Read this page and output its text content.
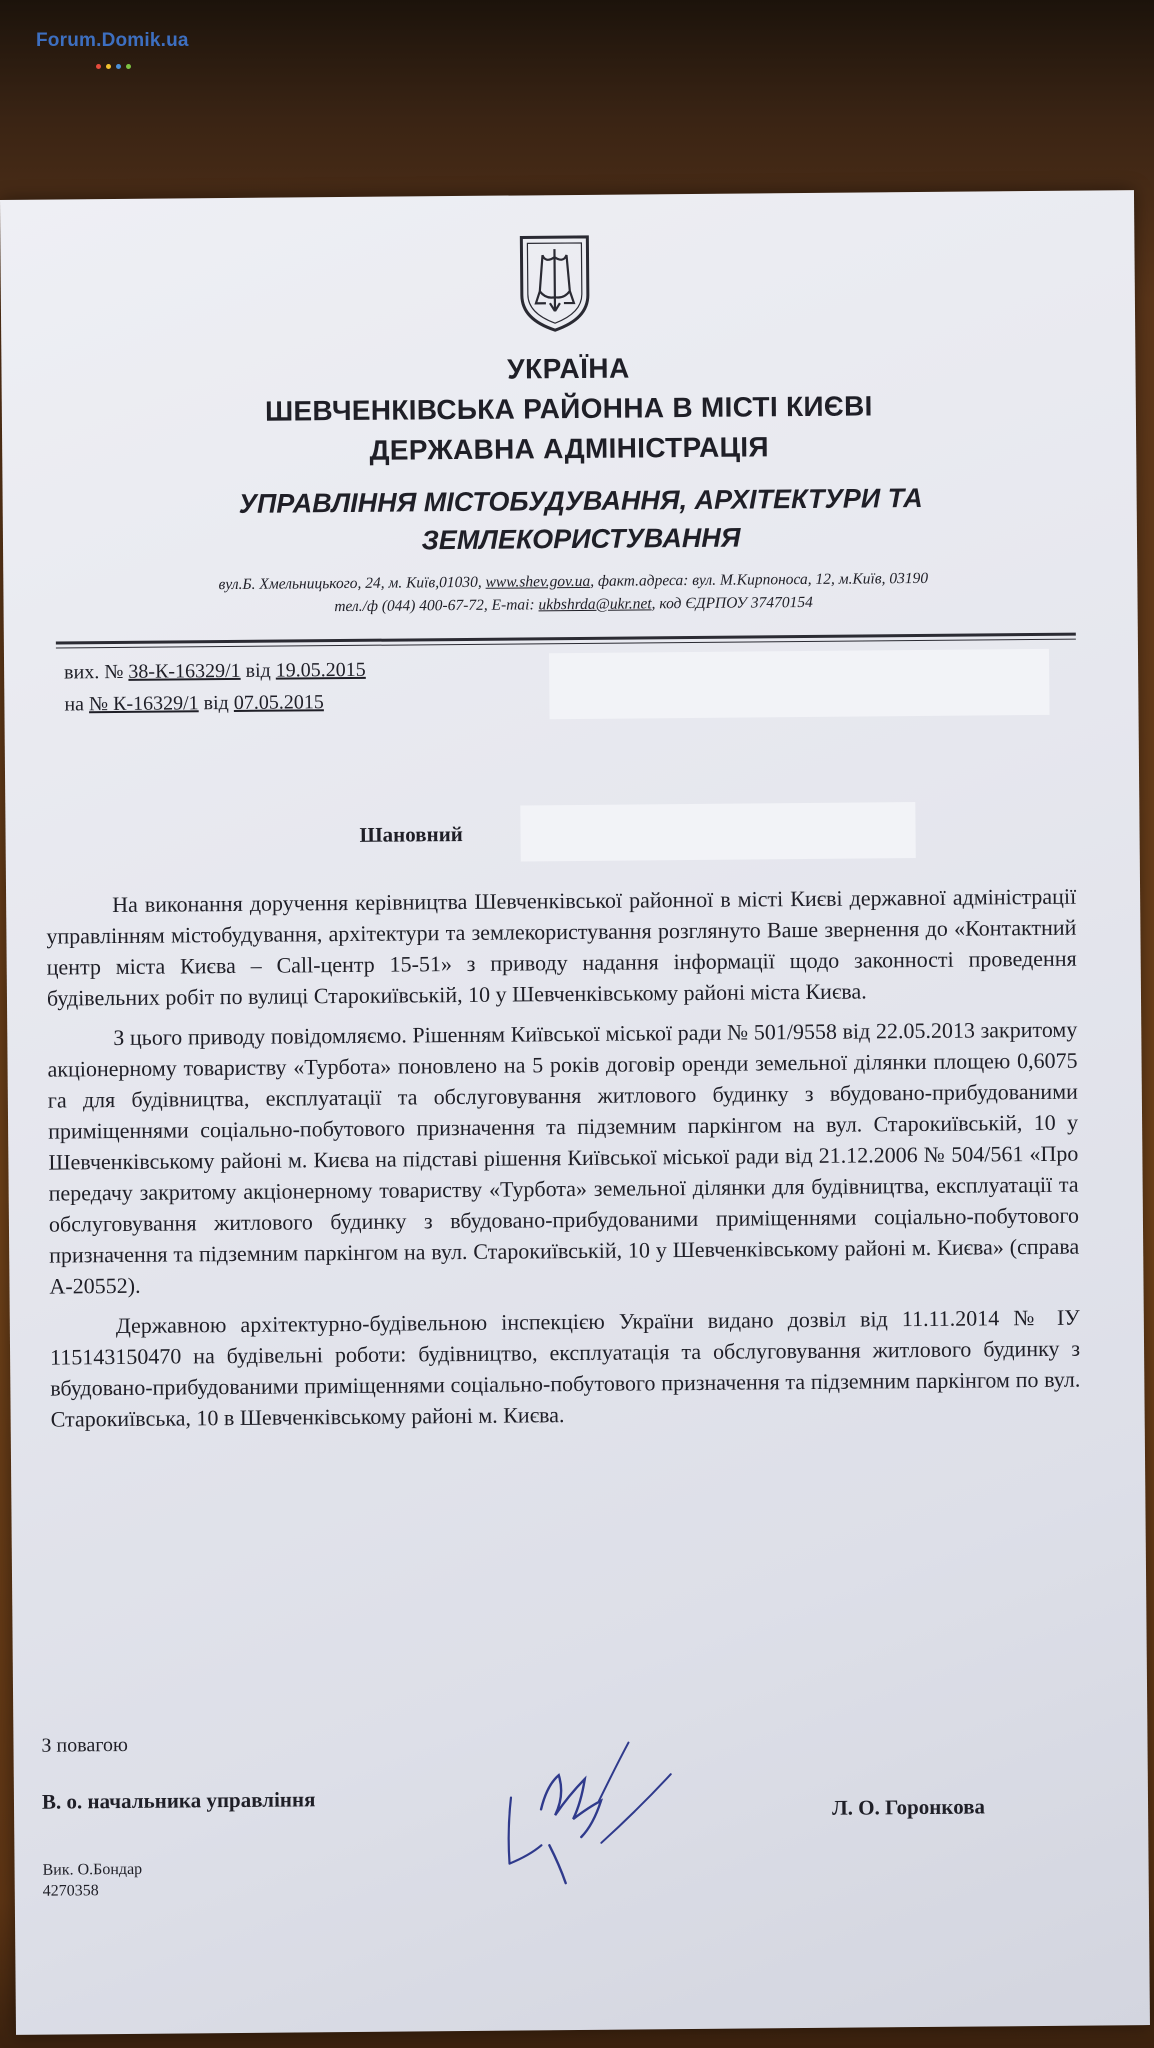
Forum.Domik.ua
УКРАЇНА
ШЕВЧЕНКІВСЬКА РАЙОННА В МІСТІ КИЄВІ
ДЕРЖАВНА АДМІНІСТРАЦІЯ
УПРАВЛІННЯ МІСТОБУДУВАННЯ, АРХІТЕКТУРИ ТА ЗЕМЛЕКОРИСТУВАННЯ
вул.Б. Хмельницького, 24, м. Київ,01030, www.shev.gov.ua, факт.адреса: вул. М.Кирпоноса, 12, м.Київ, 03190
тел./ф (044) 400-67-72, E-mai: ukbshrda@ukr.net, код ЄДРПОУ 37470154
вих. № 38-К-16329/1 від 19.05.2015
на № К-16329/1 від 07.05.2015
Шановний

На виконання доручення керівництва Шевченківської районної в місті Києві державної адміністрації управлінням містобудування, архітектури та землекористування розглянуто Ваше звернення до «Контактний центр міста Києва – Call-центр 15-51» з приводу надання інформації щодо законності проведення будівельних робіт по вулиці Старокиївській, 10 у Шевченківському районі міста Києва.

З цього приводу повідомляємо. Рішенням Київської міської ради № 501/9558 від 22.05.2013 закритому акціонерному товариству «Турбота» поновлено на 5 років договір оренди земельної ділянки площею 0,6075 га для будівництва, експлуатації та обслуговування житлового будинку з вбудовано-прибудованими приміщеннями соціально-побутового призначення та підземним паркінгом на вул. Старокиївській, 10 у Шевченківському районі м. Києва на підставі рішення Київської міської ради від 21.12.2006 № 504/561 «Про передачу закритому акціонерному товариству «Турбота» земельної ділянки для будівництва, експлуатації та обслуговування житлового будинку з вбудовано-прибудованими приміщеннями соціально-побутового призначення та підземним паркінгом на вул. Старокиївській, 10 у Шевченківському районі м. Києва» (справа А-20552).

Державною архітектурно-будівельною інспекцією України видано дозвіл від 11.11.2014 № ІУ 115143150470 на будівельні роботи: будівництво, експлуатація та обслуговування житлового будинку з вбудовано-прибудованими приміщеннями соціально-побутового призначення та підземним паркінгом по вул. Старокиївська, 10 в Шевченківському районі м. Києва.

З повагою
В. о. начальника управління	Л. О. Горонкова
Вик. О.Бондар
4270358
